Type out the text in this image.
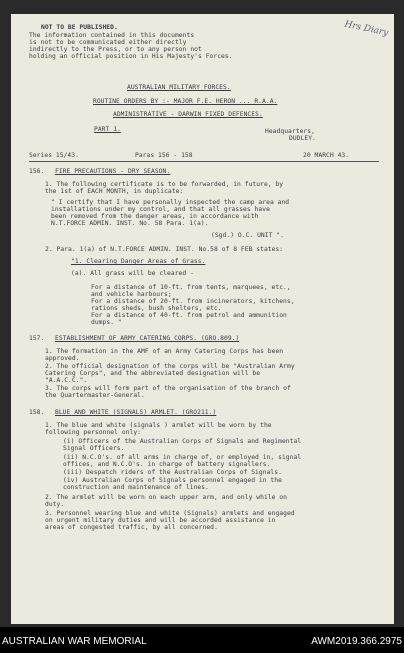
NOT TO BE PUBLISHED.
The information contained in this documents
is not to be communicated either directly
indirectly to the Press, or to any person not
holding an official position in His Majesty's Forces.
Hrs Diary
AUSTRALIAN MILITARY FORCES.
ROUTINE ORDERS BY :- MAJOR F.E. HERON ... R.A.A.
ADMINISTRATIVE - DARWIN FIXED DEFENCES.
PART 1.	Headquarters,
DUDLEY.
Series 15/43.	Paras 156 - 158	20 MARCH 43.
156. FIRE PRECAUTIONS - DRY SEASON.
1. The following certificate is to be forwarded, in future, by
the 1st of EACH MONTH, in duplicate:
" I certify that I have personally inspected the camp area and
installations under my control, and that all grasses have
been removed from the danger areas, in accordance with
N.T.FORCE ADMIN. INST. No. 58 Para. 1(a).
(Sgd.) O.C. UNIT ".
2. Para. 1(a) of N.T.FORCE ADMIN. INST. No.58 of 8 FEB states:
"1. Clearing Danger Areas of Grass.
(a). All grass will be cleared -
For a distance of 10-ft. from tents, marquees, etc.,
and vehicle harbours;
For a distance of 20-ft. from incinerators, kitchens,
rations sheds, bush shelters, etc.
For a distance of 40-ft. from petrol and ammunition
dumps. "
157. ESTABLISHMENT OF ARMY CATERING CORPS. (GRO.809.)
1. The formation in the AMF of an Army Catering Corps has been
approved.
2. The official designation of the corps will be "Australian Army
Catering Corps", and the abbreviated designation will be
"A.A.C.C.".
3. The corps will form part of the organisation of the branch of
the Quartermaster-General.
158. BLUE AND WHITE (SIGNALS) ARMLET. (GRO211.)
1. The blue and white (signals ) armlet will be worn by the
following personnel only:
(i) Officers of the Australian Corps of Signals and Regimental
Signal Officers.
(ii) N.C.O's. of all arms in charge of, or employed in, signal
offices, and N.C.O's. in charge of battery signallers.
(iii) Despatch riders of the Australian Corps of Signals.
(iv) Australian Corps of Signals personnel engaged in the
construction and maintenance of lines.
2. The armlet will be worn on each upper arm, and only while on
duty.
3. Personnel wearing blue and white (Signals) armlets and engaged
on urgent military duties and will be accorded assistance in
areas of congested traffic, by all concerned.
AUSTRALIAN WAR MEMORIAL	AWM2019.366.2975
